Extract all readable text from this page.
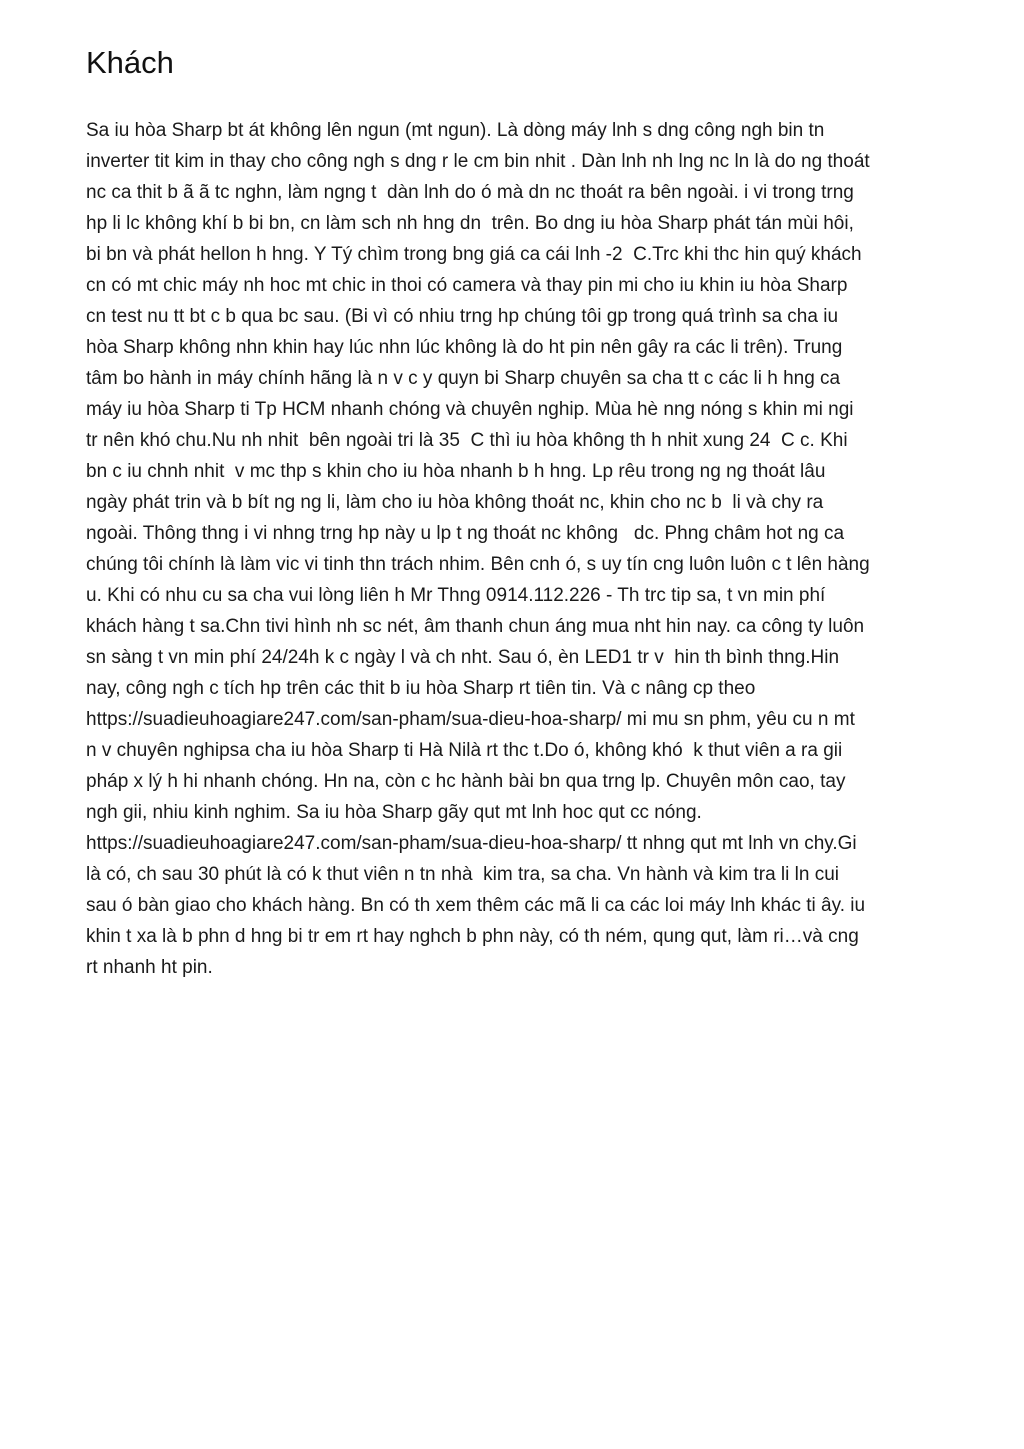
Khách
Sa iu hòa Sharp bt át không lên ngun (mt ngun). Là dòng máy lnh s dng công ngh bin tn
inverter tit kim in thay cho công ngh s dng r le cm bin nhit . Dàn lnh nh lng nc ln là do ng thoát
nc ca thit b ã ã tc nghn, làm ngng t  dàn lnh do ó mà dn nc thoát ra bên ngoài. i vi trong trng
hp li lc không khí b bi bn, cn làm sch nh hng dn  trên. Bo dng iu hòa Sharp phát tán mùi hôi,
bi bn và phát hellon h hng. Y Tý chìm trong bng giá ca cái lnh -2  C.Trc khi thc hin quý khách
cn có mt chic máy nh hoc mt chic in thoi có camera và thay pin mi cho iu khin iu hòa Sharp
cn test nu tt bt c b qua bc sau. (Bi vì có nhiu trng hp chúng tôi gp trong quá trình sa cha iu
hòa Sharp không nhn khin hay lúc nhn lúc không là do ht pin nên gây ra các li trên). Trung
tâm bo hành in máy chính hãng là n v c y quyn bi Sharp chuyên sa cha tt c các li h hng ca
máy iu hòa Sharp ti Tp HCM nhanh chóng và chuyên nghip. Mùa hè nng nóng s khin mi ngi
tr nên khó chu.Nu nh nhit  bên ngoài tri là 35  C thì iu hòa không th h nhit xung 24  C c. Khi
bn c iu chnh nhit  v mc thp s khin cho iu hòa nhanh b h hng. Lp rêu trong ng ng thoát lâu
ngày phát trin và b bít ng ng li, làm cho iu hòa không thoát nc, khin cho nc b  li và chy ra
ngoài. Thông thng i vi nhng trng hp này u lp t ng thoát nc không   dc. Phng châm hot ng ca
chúng tôi chính là làm vic vi tinh thn trách nhim. Bên cnh ó, s uy tín cng luôn luôn c t lên hàng
u. Khi có nhu cu sa cha vui lòng liên h Mr Thng 0914.112.226 - Th trc tip sa, t vn min phí
khách hàng t sa.Chn tivi hình nh sc nét, âm thanh chun áng mua nht hin nay. ca công ty luôn
sn sàng t vn min phí 24/24h k c ngày l và ch nht. Sau ó, èn LED1 tr v  hin th bình thng.Hin
nay, công ngh c tích hp trên các thit b iu hòa Sharp rt tiên tin. Và c nâng cp theo
https://suadieuhoagiare247.com/san-pham/sua-dieu-hoa-sharp/ mi mu sn phm, yêu cu n mt
n v chuyên nghipsa cha iu hòa Sharp ti Hà Nilà rt thc t.Do ó, không khó  k thut viên a ra gii
pháp x lý h hi nhanh chóng. Hn na, còn c hc hành bài bn qua trng lp. Chuyên môn cao, tay
ngh gii, nhiu kinh nghim. Sa iu hòa Sharp gãy qut mt lnh hoc qut cc nóng.
https://suadieuhoagiare247.com/san-pham/sua-dieu-hoa-sharp/ tt nhng qut mt lnh vn chy.Gi
là có, ch sau 30 phút là có k thut viên n tn nhà  kim tra, sa cha. Vn hành và kim tra li ln cui
sau ó bàn giao cho khách hàng. Bn có th xem thêm các mã li ca các loi máy lnh khác ti ây. iu
khin t xa là b phn d hng bi tr em rt hay nghch b phn này, có th ném, qung qut, làm ri…và cng
rt nhanh ht pin.
